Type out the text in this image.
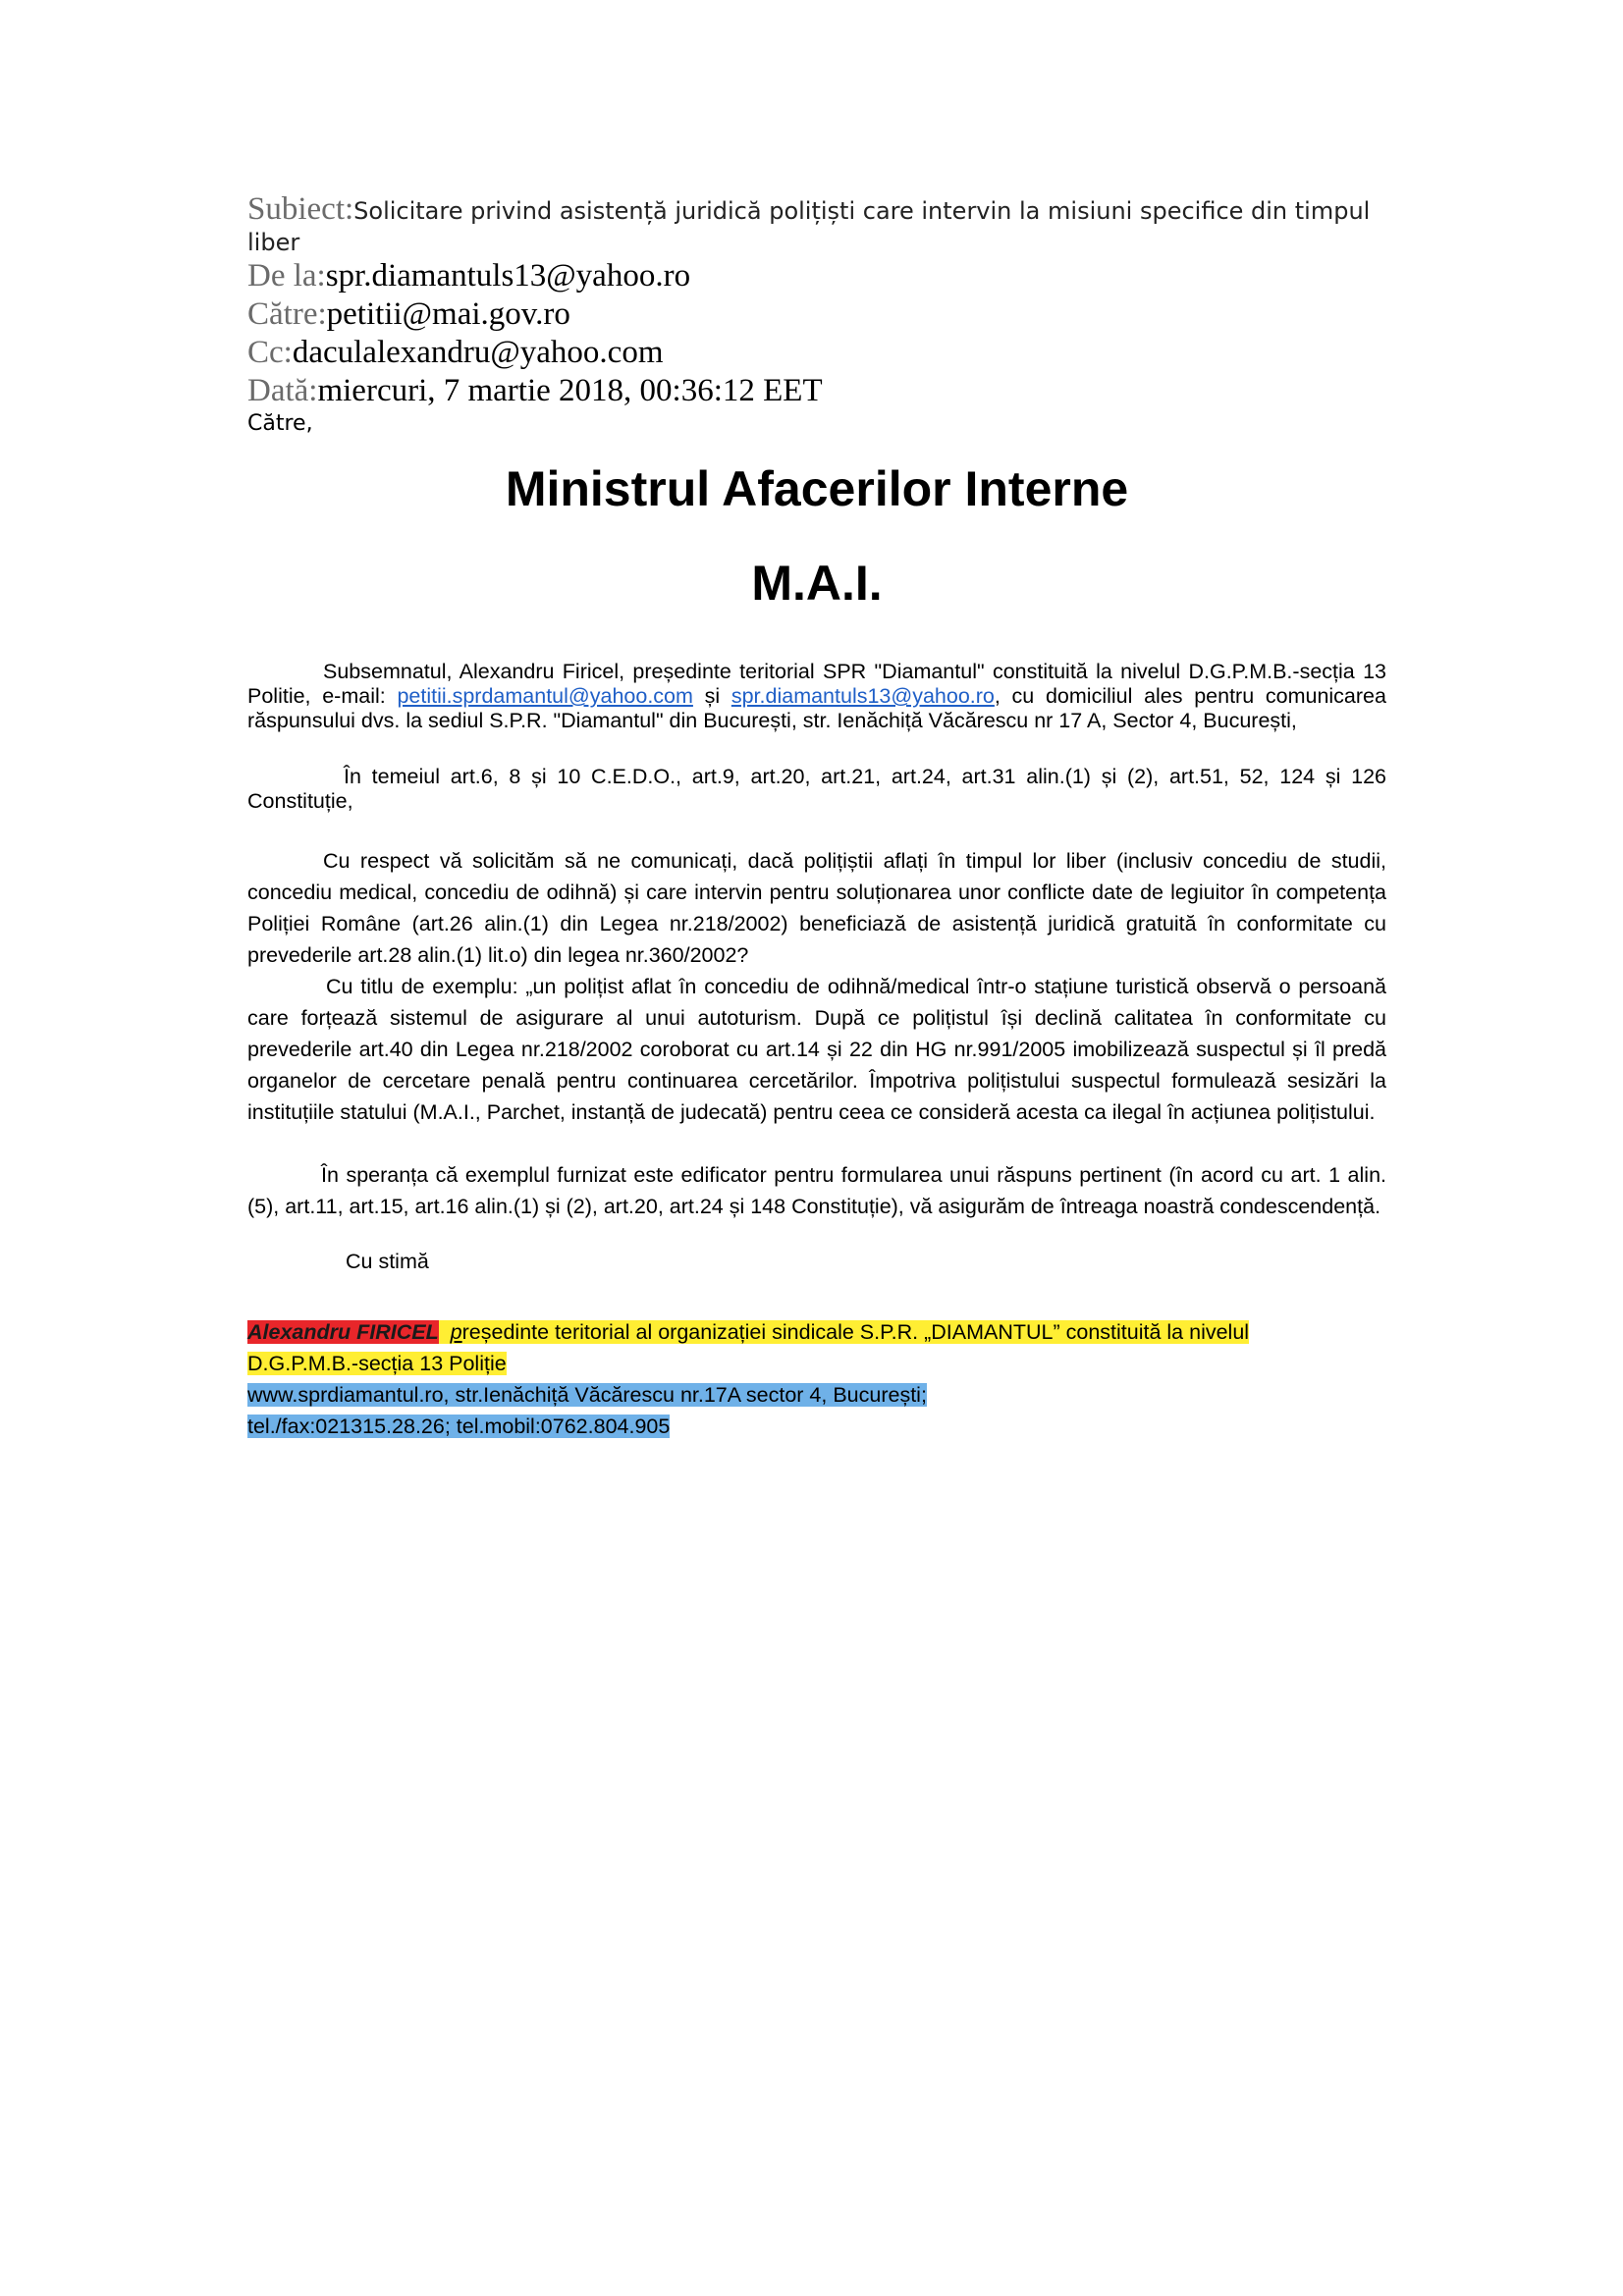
Subiect:Solicitare privind asistență juridică polițiști care intervin la misiuni specifice din timpul liber
De la:spr.diamantuls13@yahoo.ro
Către:petitii@mai.gov.ro
Cc:daculalexandru@yahoo.com
Dată:miercuri, 7 martie 2018, 00:36:12 EET
Către,
Ministrul Afacerilor Interne
M.A.I.

Subsemnatul, Alexandru Firicel, președinte teritorial SPR "Diamantul" constituită la nivelul D.G.P.M.B.-secția 13 Politie, e-mail: petitii.sprdamantul@yahoo.com și spr.diamantuls13@yahoo.ro, cu domiciliul ales pentru comunicarea răspunsului dvs. la sediul S.P.R. "Diamantul" din București, str. Ienăchiță Văcărescu nr 17 A, Sector 4, București,

În temeiul art.6, 8 și 10 C.E.D.O., art.9, art.20, art.21, art.24, art.31 alin.(1) și (2), art.51, 52, 124 și 126 Constituție,

Cu respect vă solicităm să ne comunicați, dacă polițiștii aflați în timpul lor liber (inclusiv concediu de studii, concediu medical, concediu de odihnă) și care intervin pentru soluționarea unor conflicte date de legiuitor în competența Poliției Române (art.26 alin.(1) din Legea nr.218/2002) beneficiază de asistență juridică gratuită în conformitate cu prevederile art.28 alin.(1) lit.o) din legea nr.360/2002?

Cu titlu de exemplu: „un polițist aflat în concediu de odihnă/medical într-o stațiune turistică observă o persoană care forțează sistemul de asigurare al unui autoturism. După ce polițistul își declină calitatea în conformitate cu prevederile art.40 din Legea nr.218/2002 coroborat cu art.14 și 22 din HG nr.991/2005 imobilizează suspectul și îl predă organelor de cercetare penală pentru continuarea cercetărilor. Împotriva polițistului suspectul formulează sesizări la instituțiile statului (M.A.I., Parchet, instanță de judecată) pentru ceea ce consideră acesta ca ilegal în acțiunea polițistului.

În speranța că exemplul furnizat este edificator pentru formularea unui răspuns pertinent (în acord cu art. 1 alin.(5), art.11, art.15, art.16 alin.(1) și (2), art.20, art.24 și 148 Constituție), vă asigurăm de întreaga noastră condescendență.

Cu stimă
Alexandru FIRICEL președinte teritorial al organizației sindicale S.P.R. „DIAMANTUL” constituită la nivelul
D.G.P.M.B.-secția 13 Poliție
www.sprdiamantul.ro, str.Ienăchiță Văcărescu nr.17A sector 4, București;
tel./fax:021315.28.26; tel.mobil:0762.804.905
